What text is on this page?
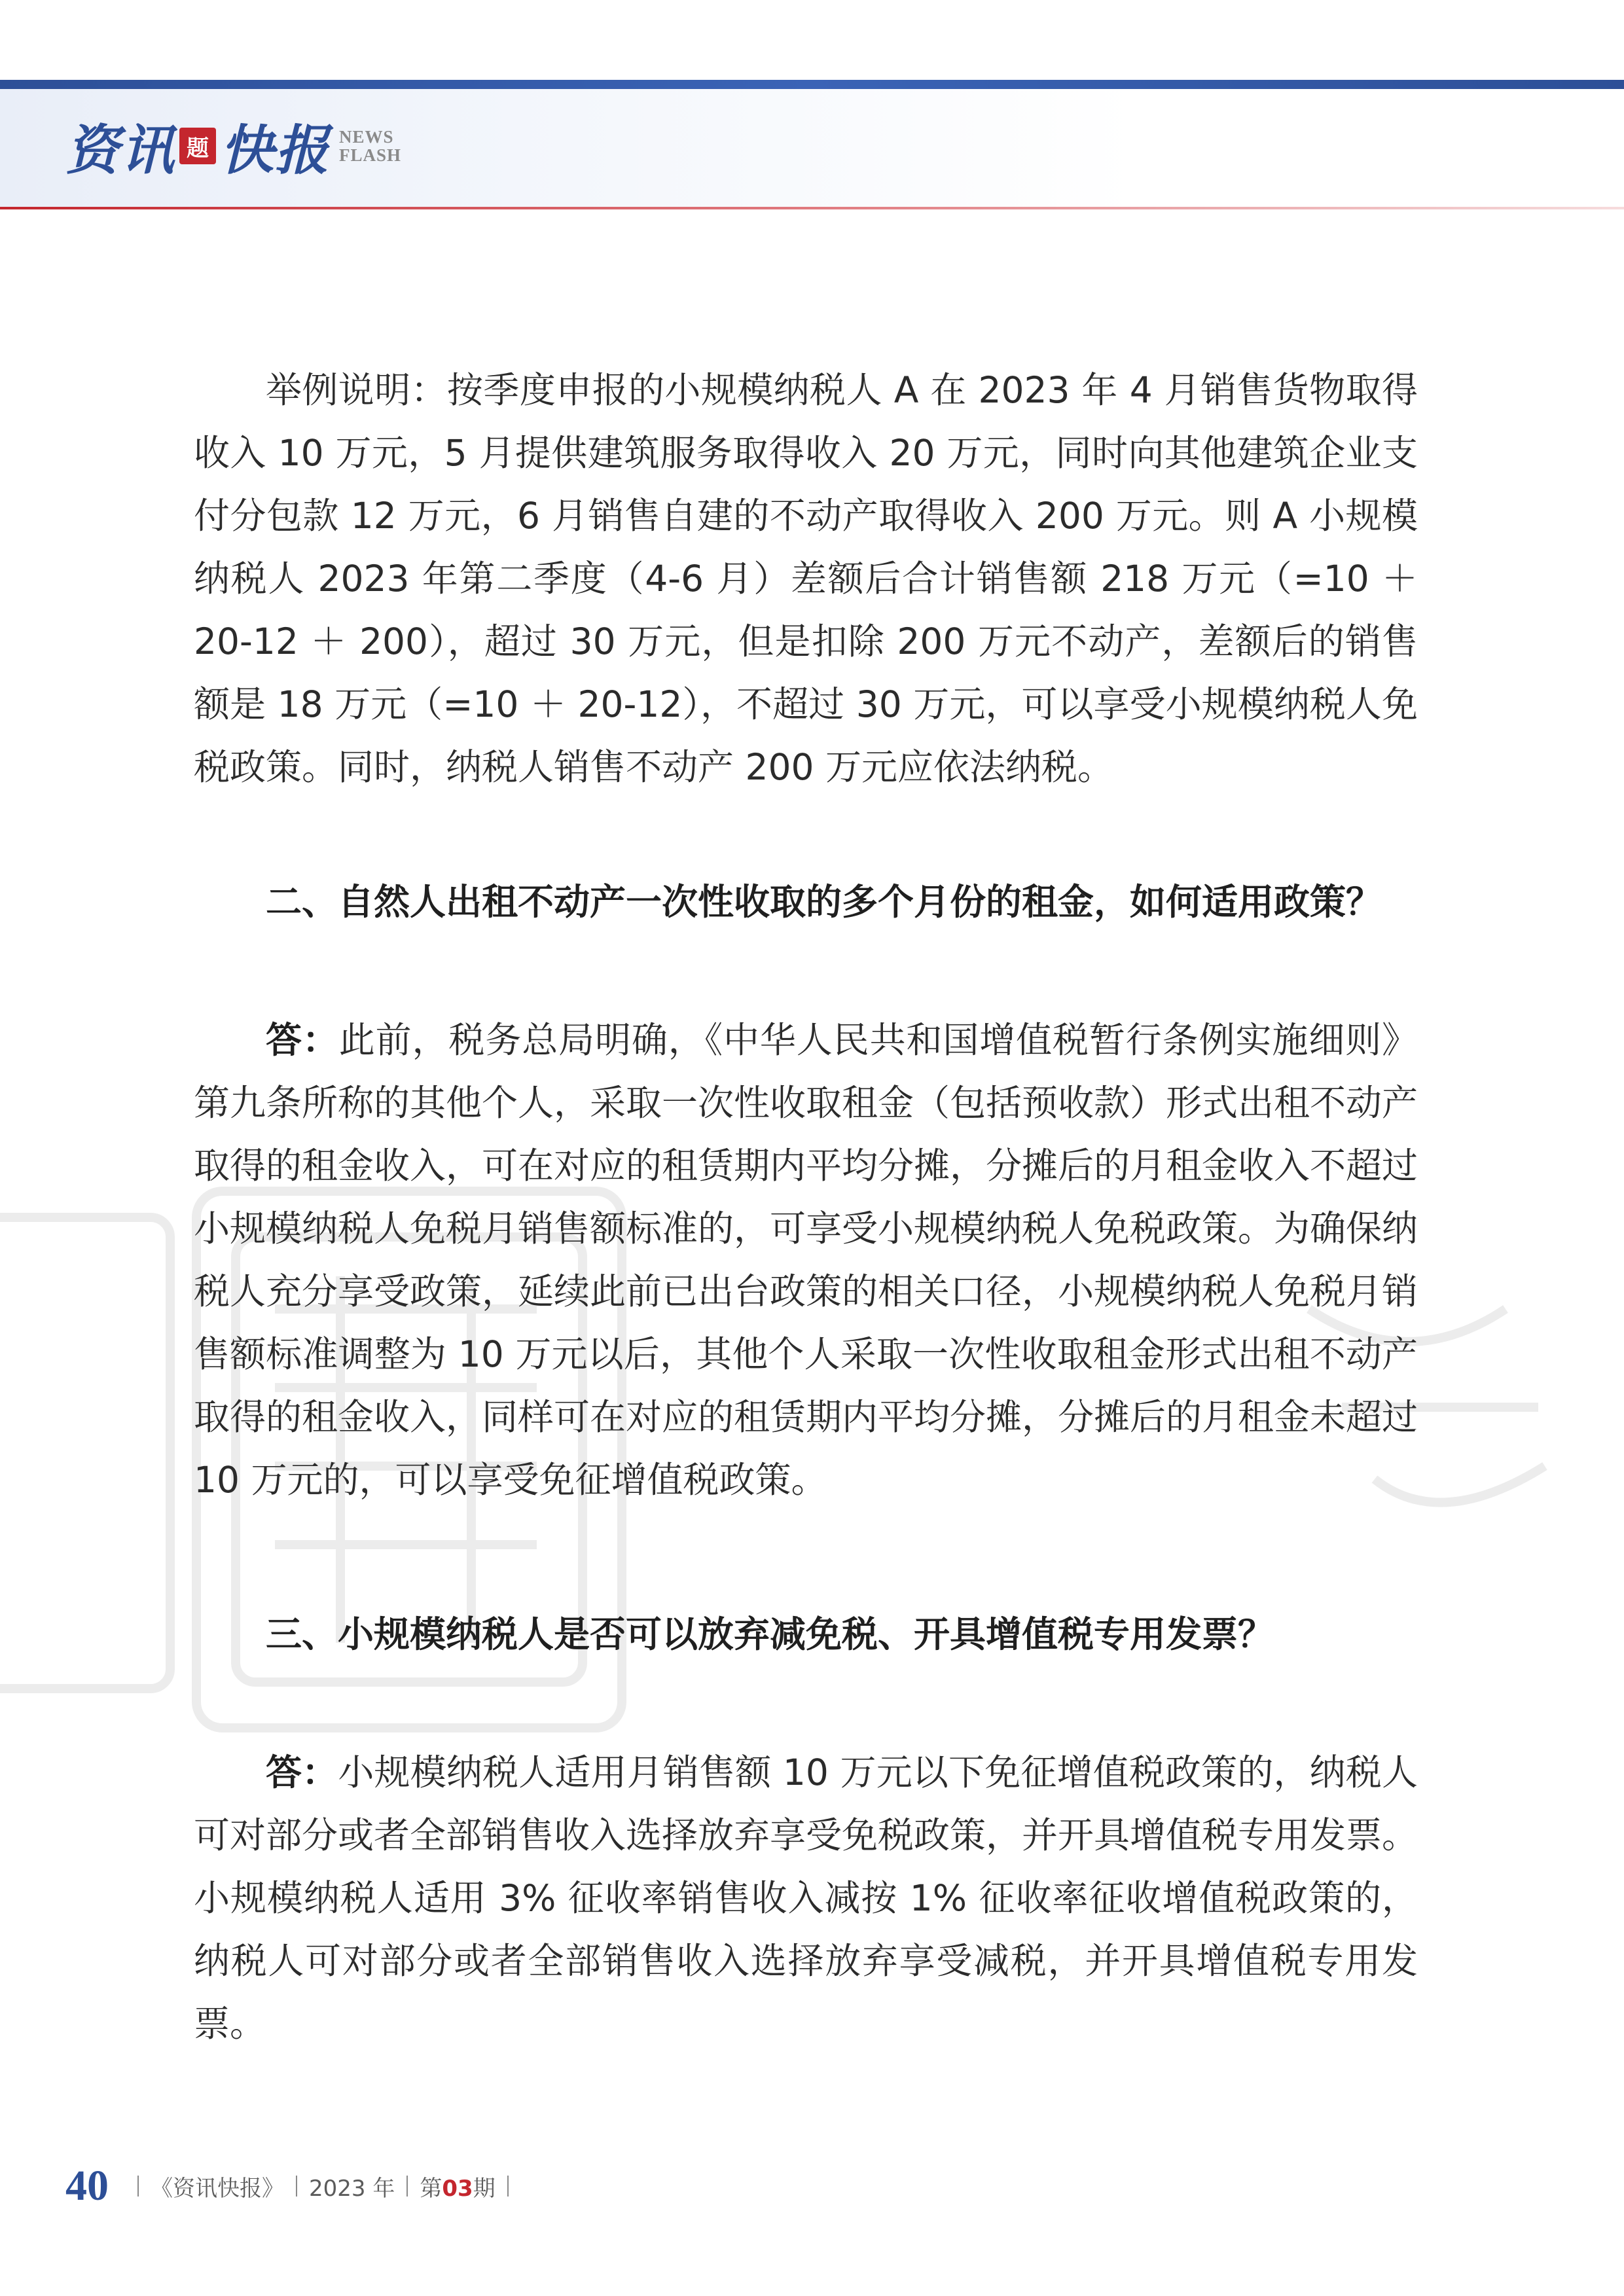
资讯 题 快报 NEWS
FLASH

举例说明：按季度申报的小规模纳税人 A 在 2023 年 4 月销售货物取得收入 10 万元，5 月提供建筑服务取得收入 20 万元，同时向其他建筑企业支付分包款 12 万元，6 月销售自建的不动产取得收入 200 万元。则 A 小规模纳税人 2023 年第二季度（4-6 月）差额后合计销售额 218 万元（=10 ＋ 20-12 ＋ 200），超过 30 万元，但是扣除 200 万元不动产，差额后的销售额是 18 万元（=10 ＋ 20-12），不超过 30 万元，可以享受小规模纳税人免税政策。同时，纳税人销售不动产 200 万元应依法纳税。

二、自然人出租不动产一次性收取的多个月份的租金，如何适用政策？

答：此前，税务总局明确，《中华人民共和国增值税暂行条例实施细则》第九条所称的其他个人，采取一次性收取租金（包括预收款）形式出租不动产取得的租金收入，可在对应的租赁期内平均分摊，分摊后的月租金收入不超过小规模纳税人免税月销售额标准的，可享受小规模纳税人免税政策。为确保纳税人充分享受政策，延续此前已出台政策的相关口径，小规模纳税人免税月销售额标准调整为 10 万元以后，其他个人采取一次性收取租金形式出租不动产取得的租金收入，同样可在对应的租赁期内平均分摊，分摊后的月租金未超过 10 万元的，可以享受免征增值税政策。

三、小规模纳税人是否可以放弃减免税、开具增值税专用发票？

答：小规模纳税人适用月销售额 10 万元以下免征增值税政策的，纳税人可对部分或者全部销售收入选择放弃享受免税政策，并开具增值税专用发票。小规模纳税人适用 3% 征收率销售收入减按 1% 征收率征收增值税政策的，纳税人可对部分或者全部销售收入选择放弃享受减税，并开具增值税专用发票。

40 《资讯快报》 2023 年 第03期
